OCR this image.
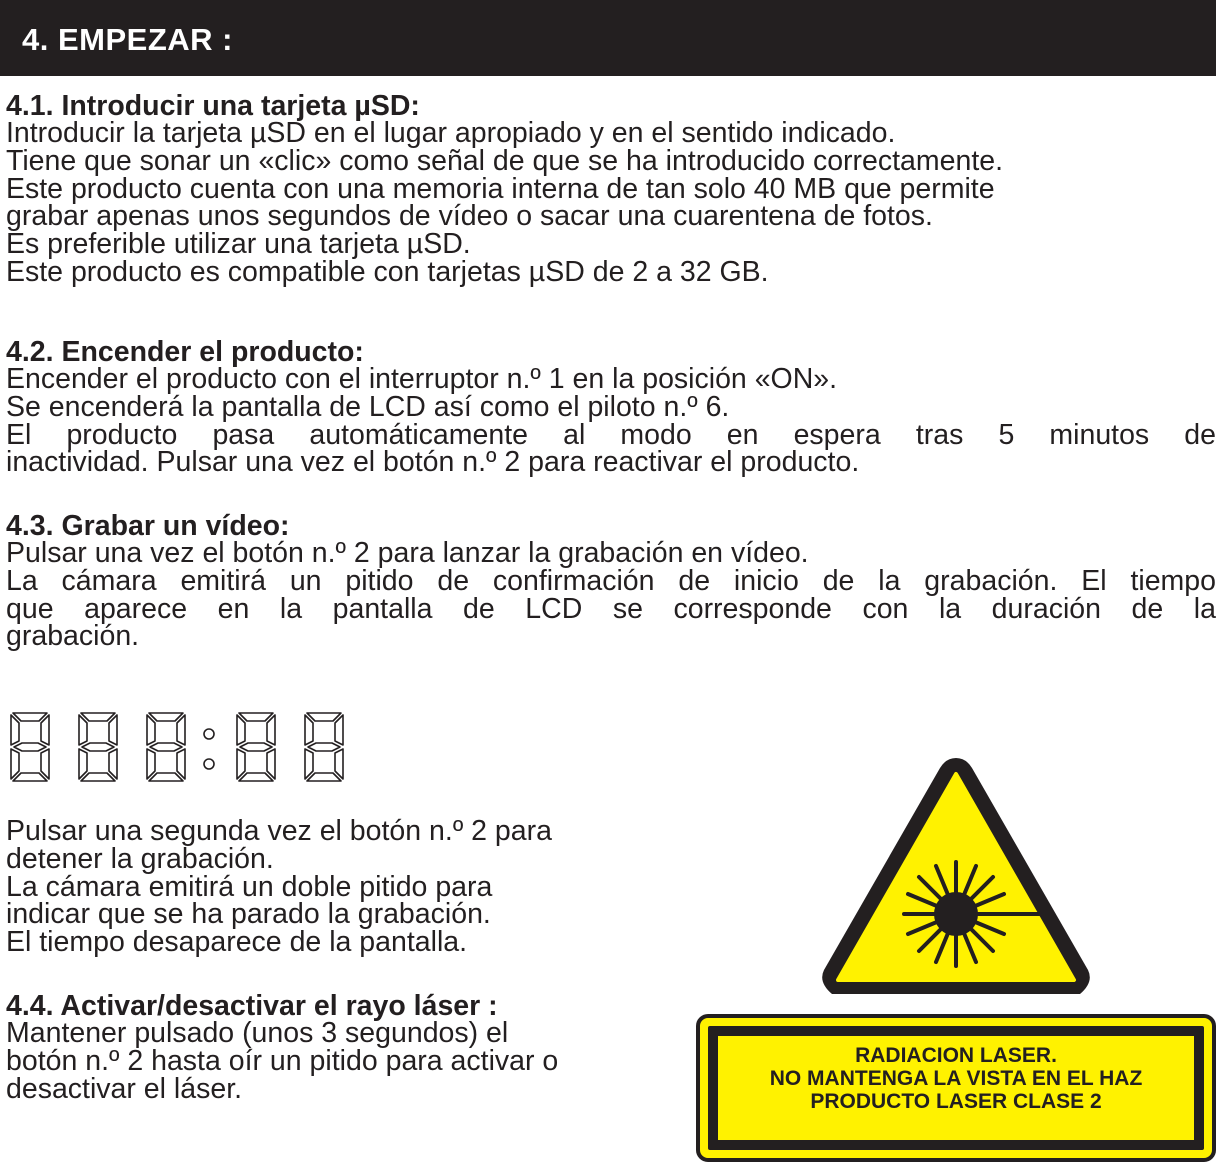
4. EMPEZAR :

4.1. Introducir una tarjeta µSD:

Introducir la tarjeta µSD en el lugar apropiado y en el sentido indicado.

Tiene que sonar un «clic» como señal de que se ha introducido correctamente.

Este producto cuenta con una memoria interna de tan solo 40 MB que permite

grabar apenas unos segundos de vídeo o sacar una cuarentena de fotos.

Es preferible utilizar una tarjeta µSD.

Este producto es compatible con tarjetas µSD de 2 a 32 GB.

4.2. Encender el producto:

Encender el producto con el interruptor n.º 1 en la posición «ON».

Se encenderá la pantalla de LCD así como el piloto n.º 6.

El producto pasa automáticamente al modo en espera tras 5 minutos de

inactividad. Pulsar una vez el botón n.º 2 para reactivar el producto.

4.3. Grabar un vídeo:

Pulsar una vez el botón n.º 2 para lanzar la grabación en vídeo.

La cámara emitirá un pitido de confirmación de inicio de la grabación. El tiempo

que aparece en la pantalla de LCD se corresponde con la duración de la

grabación.

Pulsar una segunda vez el botón n.º 2 para

detener la grabación.

La cámara emitirá un doble pitido para

indicar que se ha parado la grabación.

El tiempo desaparece de la pantalla.

4.4. Activar/desactivar el rayo láser :

Mantener pulsado (unos 3 segundos) el

botón n.º 2 hasta oír un pitido para activar o

desactivar el láser.

RADIACION LASER.
NO MANTENGA LA VISTA EN EL HAZ
PRODUCTO LASER CLASE 2
